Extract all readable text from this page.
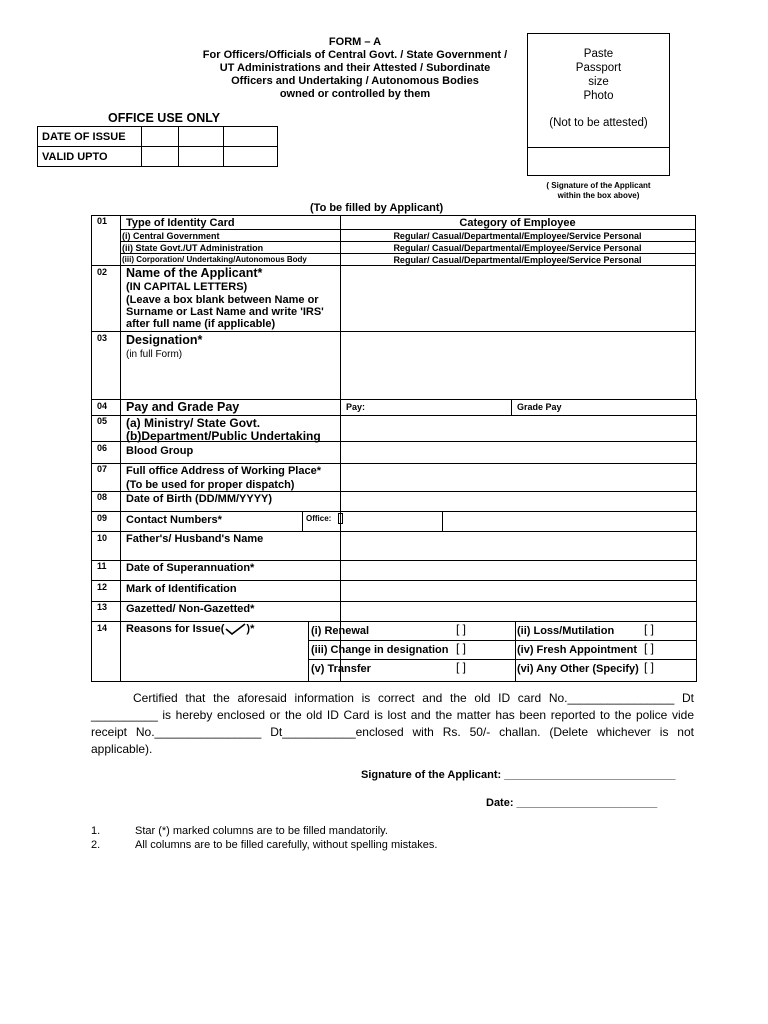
FORM – A
For Officers/Officials of Central Govt. / State Government /
UT Administrations and their Attested / Subordinate
Officers and Undertaking / Autonomous Bodies
owned or controlled by them
Paste
Passport
size
Photo
(Not to be attested)
( Signature of the Applicant
within the box above)
OFFICE USE ONLY
DATE OF ISSUE			
VALID UPTO			
(To be filled by Applicant)
01 Type of Identity Card	Category of Employee
(i) Central Government	Regular/ Casual/Departmental/Employee/Service Personal
(ii) State Govt./UT Administration	Regular/ Casual/Departmental/Employee/Service Personal
(iii) Corporation/ Undertaking/Autonomous Body	Regular/ Casual/Departmental/Employee/Service Personal
02 Name of the Applicant*
(IN CAPITAL LETTERS)
(Leave a box blank between Name or
Surname or Last Name and write 'IRS'
after full name (if applicable)
03 Designation*
(in full Form)
04 Pay and Grade Pay	Pay:	Grade Pay
05 (a) Ministry/ State Govt.
(b)Department/Public Undertaking
06 Blood Group
07 Full office Address of Working Place*
(To be used for proper dispatch)
08 Date of Birth (DD/MM/YYYY)
09 Contact Numbers*	Office:
10 Father's/ Husband's Name
11 Date of Superannuation*
12 Mark of Identification
13 Gazetted/ Non-Gazetted*
14 Reasons for Issue( )*	(i) Renewal	[ ]	(ii) Loss/Mutilation [ ]
(iii) Change in designation [ ]	(iv) Fresh Appointment [ ]
(v) Transfer	[ ]	(vi) Any Other (Specify) [ ]
Certified that the aforesaid information is correct and the old ID card No.________________ Dt __________ is hereby enclosed or the old ID Card is lost and the matter has been reported to the police vide receipt No.________________ Dt___________enclosed with Rs. 50/- challan. (Delete whichever is not applicable).
Signature of the Applicant: ____________________________
Date: _______________________
1.	Star (*) marked columns are to be filled mandatorily.
2.	All columns are to be filled carefully, without spelling mistakes.
